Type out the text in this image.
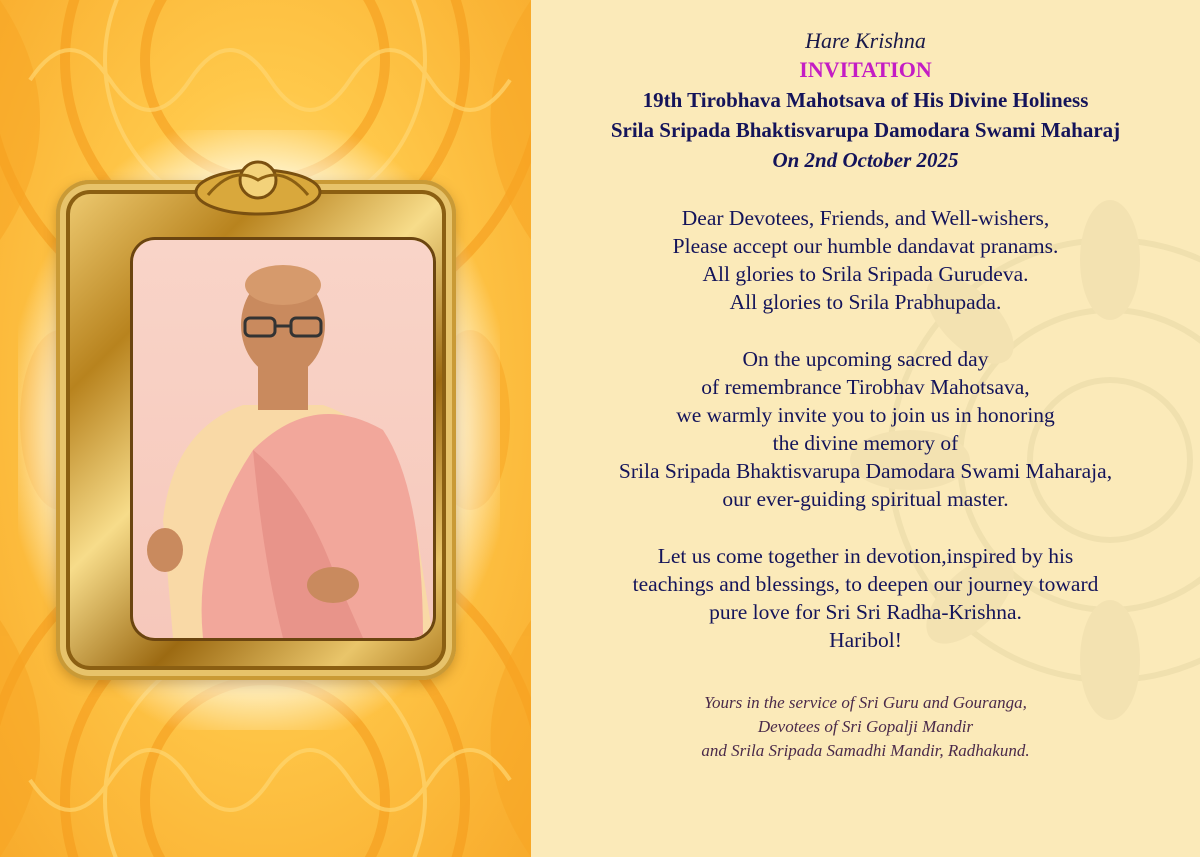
Hare Krishna
INVITATION
19th Tirobhava Mahotsava of His Divine Holiness
Srila Sripada Bhaktisvarupa Damodara Swami Maharaj
On 2nd October 2025
Dear Devotees, Friends, and Well-wishers,
Please accept our humble dandavat pranams.
All glories to Srila Sripada Gurudeva.
All glories to Srila Prabhupada.
On the upcoming sacred day
of remembrance Tirobhav Mahotsava,
we warmly invite you to join us in honoring
the divine memory of
Srila Sripada Bhaktisvarupa Damodara Swami Maharaja,
our ever-guiding spiritual master.
Let us come together in devotion,inspired by his
teachings and blessings, to deepen our journey toward
pure love for Sri Sri Radha-Krishna.
Haribol!
Yours in the service of Sri Guru and Gouranga,
Devotees of Sri Gopalji Mandir
and Srila Sripada Samadhi Mandir, Radhakund.
